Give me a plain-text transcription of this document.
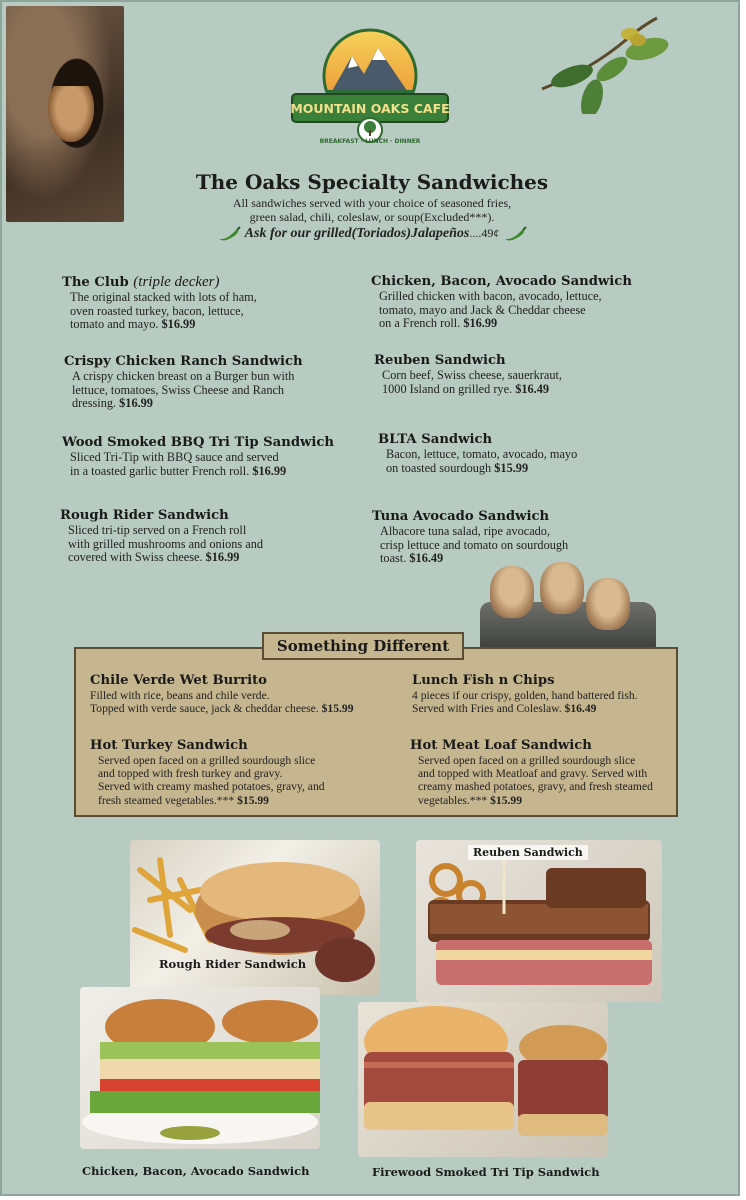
MOUNTAIN OAKS CAFE
BREAKFAST · LUNCH · DINNER
The Oaks Specialty Sandwiches
All sandwiches served with your choice of seasoned fries,
green salad, chili, coleslaw, or soup(Excluded***).
Ask for our grilled(Toriados)Jalapeños....49¢
The Club (triple decker)
The original stacked with lots of ham,
oven roasted turkey, bacon, lettuce,
tomato and mayo. $16.99
Crispy Chicken Ranch Sandwich
A crispy chicken breast on a Burger bun with
lettuce, tomatoes, Swiss Cheese and Ranch
dressing. $16.99
Wood Smoked BBQ Tri Tip Sandwich
Sliced Tri-Tip with BBQ sauce and served
in a toasted garlic butter French roll. $16.99
Rough Rider Sandwich
Sliced tri-tip served on a French roll
with grilled mushrooms and onions and
covered with Swiss cheese. $16.99
Chicken, Bacon, Avocado Sandwich
Grilled chicken with bacon, avocado, lettuce,
tomato, mayo and Jack & Cheddar cheese
on a French roll. $16.99
Reuben Sandwich
Corn beef, Swiss cheese, sauerkraut,
1000 Island on grilled rye. $16.49
BLTA Sandwich
Bacon, lettuce, tomato, avocado, mayo
on toasted sourdough $15.99
Tuna Avocado Sandwich
Albacore tuna salad, ripe avocado,
crisp lettuce and tomato on sourdough
toast. $16.49
Chile Verde Wet Burrito
Filled with rice, beans and chile verde.
Topped with verde sauce, jack & cheddar cheese. $15.99
Hot Turkey Sandwich
Served open faced on a grilled sourdough slice
and topped with fresh turkey and gravy.
Served with creamy mashed potatoes, gravy, and
fresh steamed vegetables.*** $15.99
Lunch Fish n Chips
4 pieces if our crispy, golden, hand battered fish.
Served with Fries and Coleslaw. $16.49
Hot Meat Loaf Sandwich
Served open faced on a grilled sourdough slice
and topped with Meatloaf and gravy. Served with
creamy mashed potatoes, gravy, and fresh steamed
vegetables.*** $15.99
Something Different
Rough Rider Sandwich
Reuben Sandwich
Chicken, Bacon, Avocado Sandwich	Firewood Smoked Tri Tip Sandwich
